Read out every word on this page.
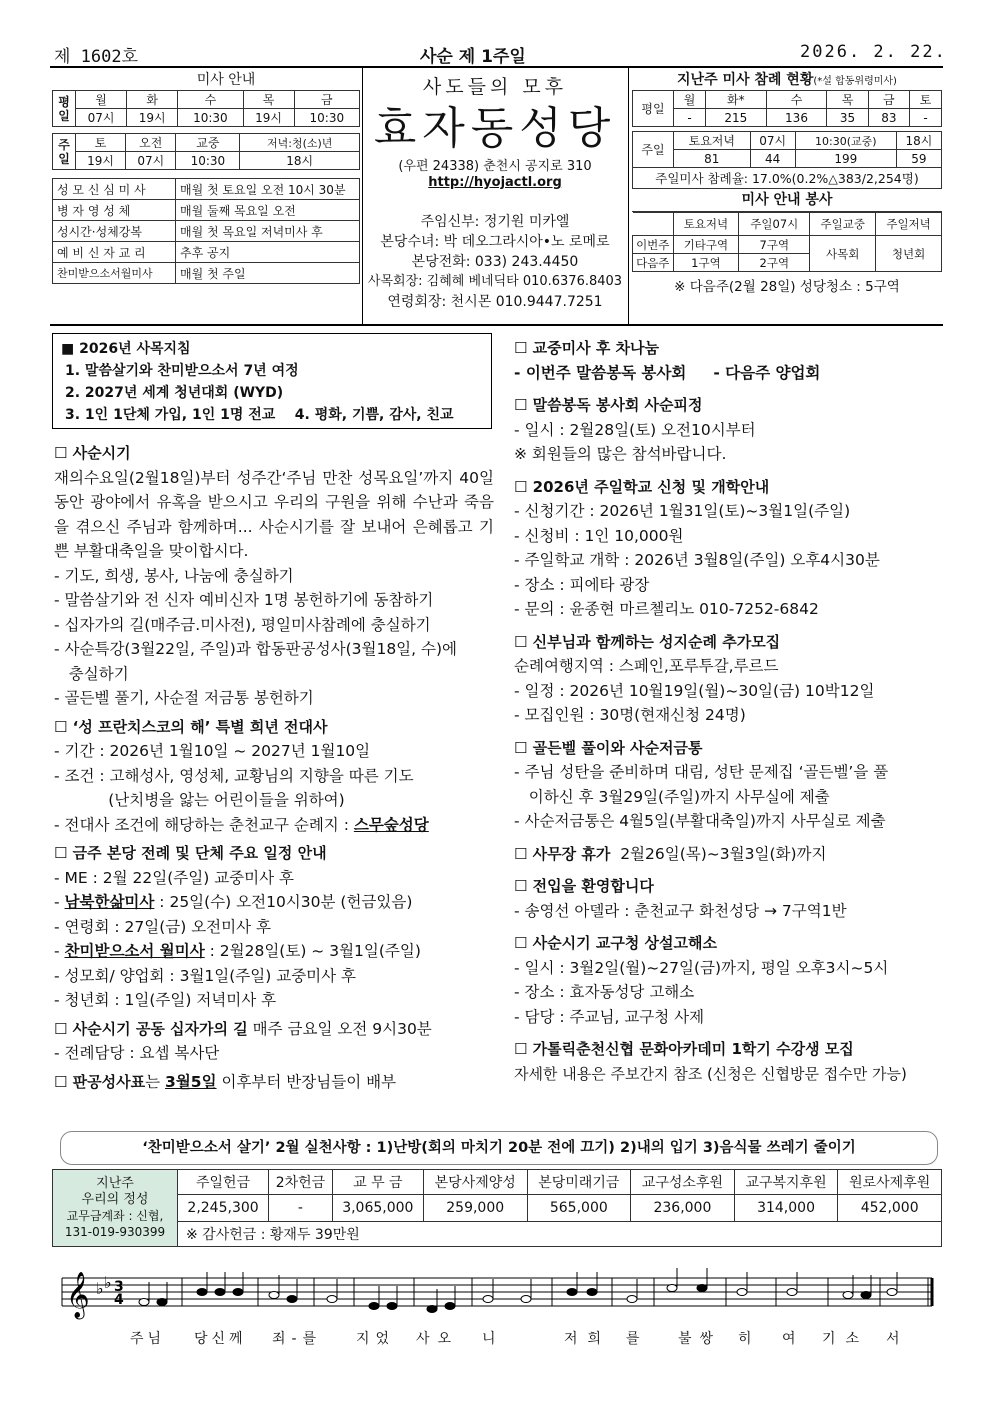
제 1602호	사순 제 1주일	2026. 2. 22.
미사 안내
평
일	월	화	수	목	금
	07시	19시	10:30	19시	10:30
주
일	토	오전	교중	저녁:청(소)년
	19시	07시	10:30	18시
성 모 신 심 미 사	매월 첫 토요일 오전 10시 30분
병 자 영 성 체	매월 둘째 목요일 오전
성시간·성체강복	매월 첫 목요일 저녁미사 후
예 비 신 자 교 리	추후 공지
찬미받으소서월미사	매월 첫 주일
사도들의 모후
효자동성당
(우편 24338) 춘천시 공지로 310
http://hyojactl.org
주임신부: 정기원 미카엘
본당수녀: 박 데오그라시아•노 로메로
본당전화: 033) 243.4450
사목회장: 김혜혜 베네딕타 010.6376.8403
연령회장: 천시몬 010.9447.7251
지난주 미사 참례 현황(*설 합동위령미사)
평일	월	화*	수	목	금	토
	-	215	136	35	83	-
주일	토요저녁	07시	10:30(교중)	18시
	81	44	199	59
주일미사 참례율: 17.0%(0.2%△383/2,254명)				
미사 안내 봉사
	토요저녁	주일07시	주일교중	주일저녁
이번주	기타구역	7구역	사목회	청년회
다음주	1구역	2구역		
※ 다음주(2월 28일) 성당청소 : 5구역
■ 2026년 사목지침
1. 말씀살기와 찬미받으소서 7년 여정
2. 2027년 세계 청년대회 (WYD)
3. 1인 1단체 가입, 1인 1명 전교    4. 평화, 기쁨, 감사, 친교
☐ 사순시기
재의수요일(2월18일)부터 성주간‘주님 만찬 성목요일’까지 40일동안 광야에서 유혹을 받으시고 우리의 구원을 위해 수난과 죽음을 겪으신 주님과 함께하며... 사순시기를 잘 보내어 은혜롭고 기쁜 부활대축일을 맞이합시다.
- 기도, 희생, 봉사, 나눔에 충실하기
- 말씀살기와 전 신자 예비신자 1명 봉헌하기에 동참하기
- 십자가의 길(매주금.미사전), 평일미사참례에 충실하기
- 사순특강(3월22일, 주일)과 합동판공성사(3월18일, 수)에
충실하기
- 골든벨 풀기, 사순절 저금통 봉헌하기
☐ ‘성 프란치스코의 해’ 특별 희년 전대사
- 기간 : 2026년 1월10일 ~ 2027년 1월10일
- 조건 : 고해성사, 영성체, 교황님의 지향을 따른 기도
(난치병을 앓는 어린이들을 위하여)
- 전대사 조건에 해당하는 춘천교구 순례지 : 스무숲성당
☐ 금주 본당 전례 및 단체 주요 일정 안내
- ME : 2월 22일(주일) 교중미사 후
- 남북한삶미사 : 25일(수) 오전10시30분 (헌금있음)
- 연령회 : 27일(금) 오전미사 후
- 찬미받으소서 월미사 : 2월28일(토) ~ 3월1일(주일)
- 성모회/ 양업회 : 3월1일(주일) 교중미사 후
- 청년회 : 1일(주일) 저녁미사 후
☐ 사순시기 공동 십자가의 길 매주 금요일 오전 9시30분
- 전례담당 : 요셉 복사단
☐ 판공성사표는 3월5일 이후부터 반장님들이 배부
☐ 교중미사 후 차나눔
- 이번주 말씀봉독 봉사회     - 다음주 양업회
☐ 말씀봉독 봉사회 사순피정
- 일시 : 2월28일(토) 오전10시부터
※ 회원들의 많은 참석바랍니다.
☐ 2026년 주일학교 신청 및 개학안내
- 신청기간 : 2026년 1월31일(토)~3월1일(주일)
- 신청비 : 1인 10,000원
- 주일학교 개학 : 2026년 3월8일(주일) 오후4시30분
- 장소 : 피에타 광장
- 문의 : 윤종현 마르첼리노 010-7252-6842
☐ 신부님과 함께하는 성지순례 추가모집
순례여행지역 : 스페인,포루투갈,루르드
- 일정 : 2026년 10월19일(월)~30일(금) 10박12일
- 모집인원 : 30명(현재신청 24명)
☐ 골든벨 풀이와 사순저금통
- 주님 성탄을 준비하며 대림, 성탄 문제집 ‘골든벨’을 풀
이하신 후 3월29일(주일)까지 사무실에 제출
- 사순저금통은 4월5일(부활대축일)까지 사무실로 제출
☐ 사무장 휴가  2월26일(목)~3월3일(화)까지
☐ 전입을 환영합니다
- 송영선 아델라 : 춘천교구 화천성당 → 7구역1반
☐ 사순시기 교구청 상설고해소
- 일시 : 3월2일(월)~27일(금)까지, 평일 오후3시~5시
- 장소 : 효자동성당 고해소
- 담당 : 주교님, 교구청 사제
☐ 가톨릭춘천신협 문화아카데미 1학기 수강생 모집
자세한 내용은 주보간지 참조 (신청은 신협방문 접수만 가능)
‘찬미받으소서 살기’ 2월 실천사항 : 1)난방(회의 마치기 20분 전에 끄기) 2)내의 입기 3)음식물 쓰레기 줄이기
지난주
우리의 정성
교무금계좌 : 신협,
131-019-930399	주일헌금	2차헌금	교 무 금	본당사제양성	본당미래기금	교구성소후원	교구복지후원	원로사제후원
	2,245,300	-	3,065,000	259,000	565,000	236,000	314,000	452,000
	※ 감사헌금 : 황재두 39만원							
𝄞 ♭ ♭ 3
4
주님 당신께 죄-를 지었 사오 니	저희 를	불쌍 히 여 기소 서
